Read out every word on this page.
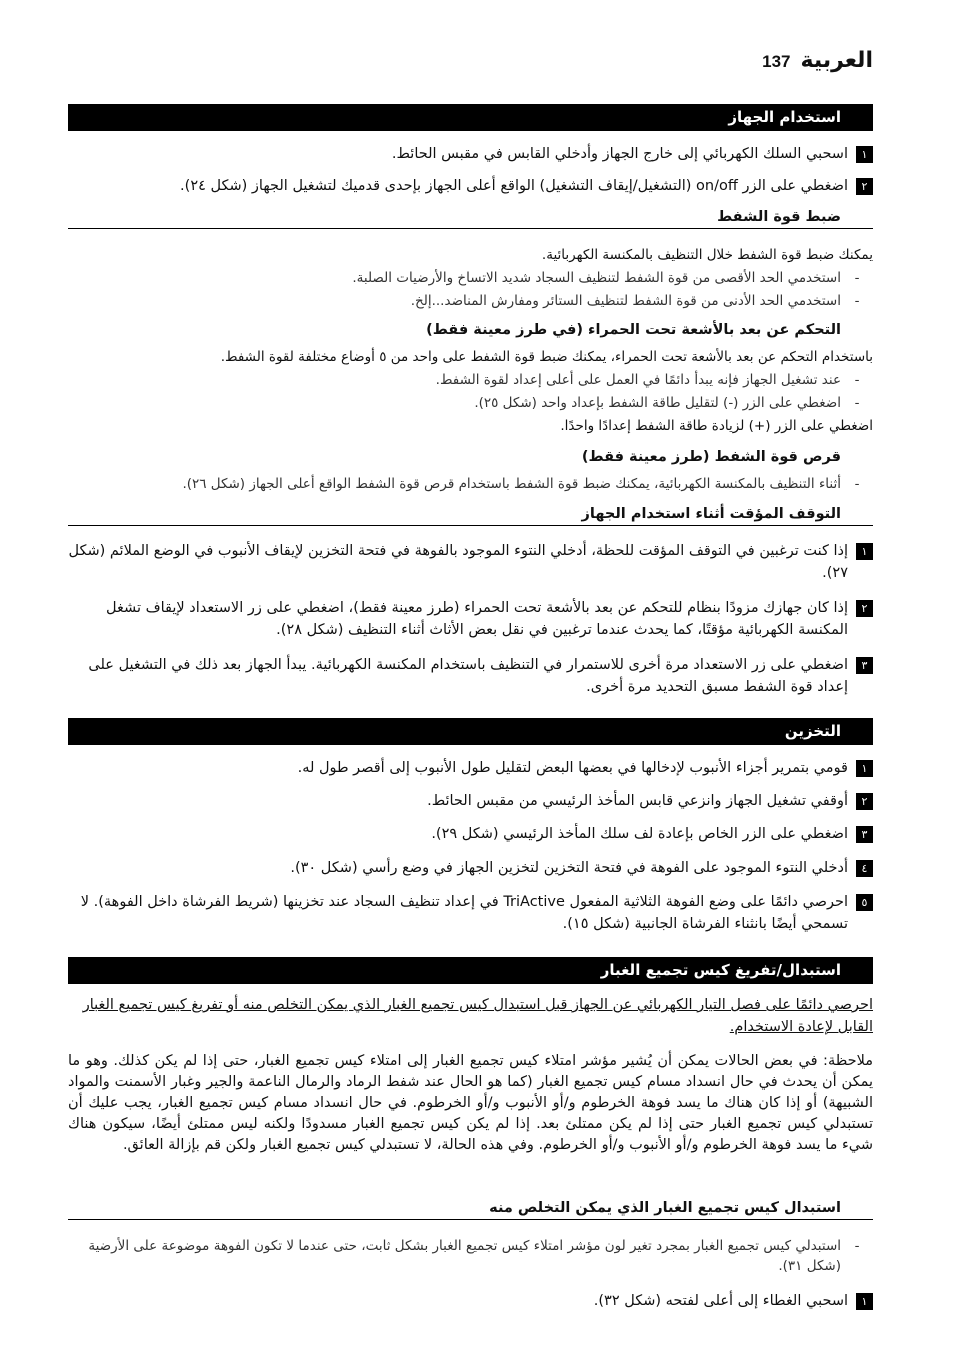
العربية
137
استخدام الجهاز
١
اسحبي السلك الكهربائي إلى خارج الجهاز وأدخلي القابس في مقبس الحائط.
٢
اضغطي على الزر on/off (التشغيل/إيقاف التشغيل) الواقع أعلى الجهاز بإحدى قدميك لتشغيل الجهاز (شكل ٢٤).
ضبط قوة الشفط
يمكنك ضبط قوة الشفط خلال التنظيف بالمكنسة الكهربائية.
-
استخدمي الحد الأقصى من قوة الشفط لتنظيف السجاد شديد الاتساخ والأرضيات الصلبة.
-
استخدمي الحد الأدنى من قوة الشفط لتنظيف الستائر ومفارش المناضد...إلخ.
التحكم عن بعد بالأشعة تحت الحمراء (في طرز معينة فقط)
باستخدام التحكم عن بعد بالأشعة تحت الحمراء، يمكنك ضبط قوة الشفط على واحد من ٥ أوضاع مختلفة لقوة الشفط.
-
عند تشغيل الجهاز فإنه يبدأ دائمًا في العمل على أعلى إعداد لقوة الشفط.
-
اضغطي على الزر (-) لتقليل طاقة الشفط بإعداد واحد (شكل ٢٥).
اضغطي على الزر (+) لزيادة طاقة الشفط إعدادًا واحدًا.
قرص قوة الشفط (طرز معينة فقط)
-
أثناء التنظيف بالمكنسة الكهربائية، يمكنك ضبط قوة الشفط باستخدام قرص قوة الشفط الواقع أعلى الجهاز (شكل ٢٦).
التوقف المؤقت أثناء استخدام الجهاز
١
إذا كنت ترغبين في التوقف المؤقت للحظة، أدخلي النتوء الموجود بالفوهة في فتحة التخزين لإيقاف الأنبوب في الوضع الملائم (شكل ٢٧).
٢
إذا كان جهازك مزودًا بنظام للتحكم عن بعد بالأشعة تحت الحمراء (طرز معينة فقط)، اضغطي على زر الاستعداد لإيقاف تشغل المكنسة الكهربائية مؤقتًا، كما يحدث عندما ترغبين في نقل بعض الأثاث أثناء التنظيف (شكل ٢٨).
٣
اضغطي على زر الاستعداد مرة أخرى للاستمرار في التنظيف باستخدام المكنسة الكهربائية. يبدأ الجهاز بعد ذلك في التشغيل على إعداد قوة الشفط مسبق التحديد مرة أخرى.
التخزين
١
قومي بتمرير أجزاء الأنبوب لإدخالها في بعضها البعض لتقليل طول الأنبوب إلى أقصر طول له.
٢
أوقفي تشغيل الجهاز وانزعي قابس المأخذ الرئيسي من مقبس الحائط.
٣
اضغطي على الزر الخاص بإعادة لف سلك المأخذ الرئيسي (شكل ٢٩).
٤
أدخلي النتوء الموجود على الفوهة في فتحة التخزين لتخزين الجهاز في وضع رأسي (شكل ٣٠).
٥
احرصي دائمًا على وضع الفوهة الثلاثية المفعول TriActive في إعداد تنظيف السجاد عند تخزينها (شريط الفرشاة داخل الفوهة). لا تسمحي أيضًا بانثناء الفرشاة الجانبية (شكل ١٥).
استبدال/تفريغ كيس تجميع الغبار
احرصي دائمًا على فصل التيار الكهربائي عن الجهاز قبل استبدال كيس تجميع الغبار الذي يمكن التخلص منه أو تفريغ كيس تجميع الغبار القابل لإعادة الاستخدام.
ملاحظة: في بعض الحالات يمكن أن يُشير مؤشر امتلاء كيس تجميع الغبار إلى امتلاء كيس تجميع الغبار، حتى إذا لم يكن كذلك. وهو ما يمكن أن يحدث في حال انسداد مسام كيس تجميع الغبار (كما هو الحال عند شفط الرماد والرمال الناعمة والجير وغبار الأسمنت والمواد الشبيهة) أو إذا كان هناك ما يسد فوهة الخرطوم و/أو الأنبوب و/أو الخرطوم. في حال انسداد مسام كيس تجميع الغبار، يجب عليك أن تستبدلي كيس تجميع الغبار حتى إذا لم يكن ممتلئ بعد. إذا لم يكن كيس تجميع الغبار مسدودًا ولكنه ليس ممتلئ أيضًا، سيكون هناك شيء ما يسد فوهة الخرطوم و/أو الأنبوب و/أو الخرطوم. وفي هذه الحالة، لا تستبدلي كيس تجميع الغبار ولكن قم بإزالة العائق.
استبدال كيس تجميع الغبار الذي يمكن التخلص منه
-
استبدلي كيس تجميع الغبار بمجرد تغير لون مؤشر امتلاء كيس تجميع الغبار بشكل ثابت، حتى عندما لا تكون الفوهة موضوعة على الأرضية (شكل ٣١).
١
اسحبي الغطاء إلى أعلى لفتحه (شكل ٣٢).
